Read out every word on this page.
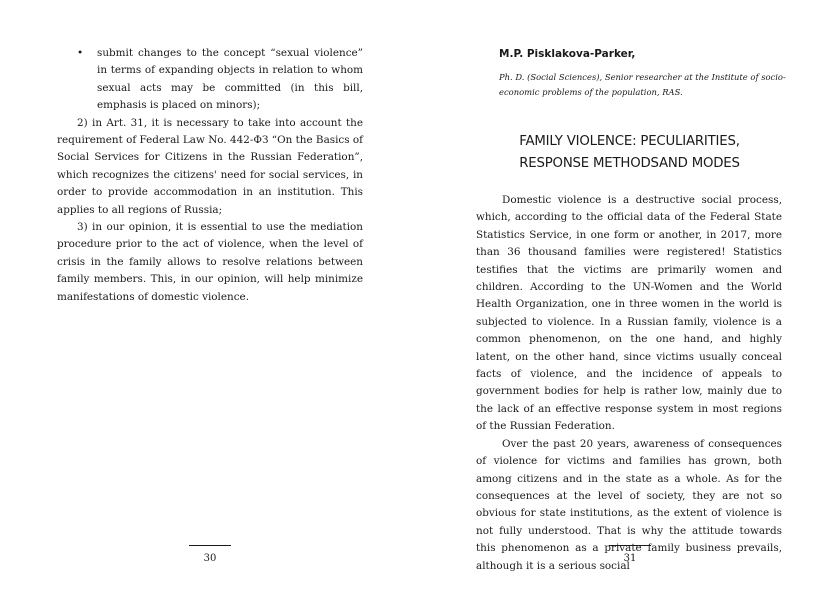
• submit changes to the concept “sexual violence” in terms of expanding objects in relation to whom sexual acts may be committed (in this bill, emphasis is placed on minors);

2) in Art. 31, it is necessary to take into account the requirement of Federal Law No. 442-ФЗ “On the Basics of Social Services for Citizens in the Russian Federation”, which recognizes the citizens' need for social services, in order to provide accommodation in an institution. This applies to all regions of Russia;

3) in our opinion, it is essential to use the mediation procedure prior to the act of violence, when the level of crisis in the family allows to resolve relations between family members. This, in our opinion, will help minimize manifestations of domestic violence.

30
M.P. Pisklakova-Parker,
Ph. D. (Social Sciences), Senior researcher at the Institute of socio-economic problems of the population, RAS.
FAMILY VIOLENCE: PECULIARITIES,
RESPONSE METHODSAND MODES

Domestic violence is a destructive social process, which, according to the official data of the Federal State Statistics Service, in one form or another, in 2017, more than 36 thousand families were registered! Statistics testifies that the victims are primarily women and children. According to the UN-Women and the World Health Organization, one in three women in the world is subjected to violence. In a Russian family, violence is a common phenomenon, on the one hand, and highly latent, on the other hand, since victims usually conceal facts of violence, and the incidence of appeals to government bodies for help is rather low, mainly due to the lack of an effective response system in most regions of the Russian Federation.

Over the past 20 years, awareness of consequences of violence for victims and families has grown, both among citizens and in the state as a whole. As for the consequences at the level of society, they are not so obvious for state institutions, as the extent of violence is not fully understood. That is why the attitude towards this phenomenon as a private family business prevails, although it is a serious social

31
